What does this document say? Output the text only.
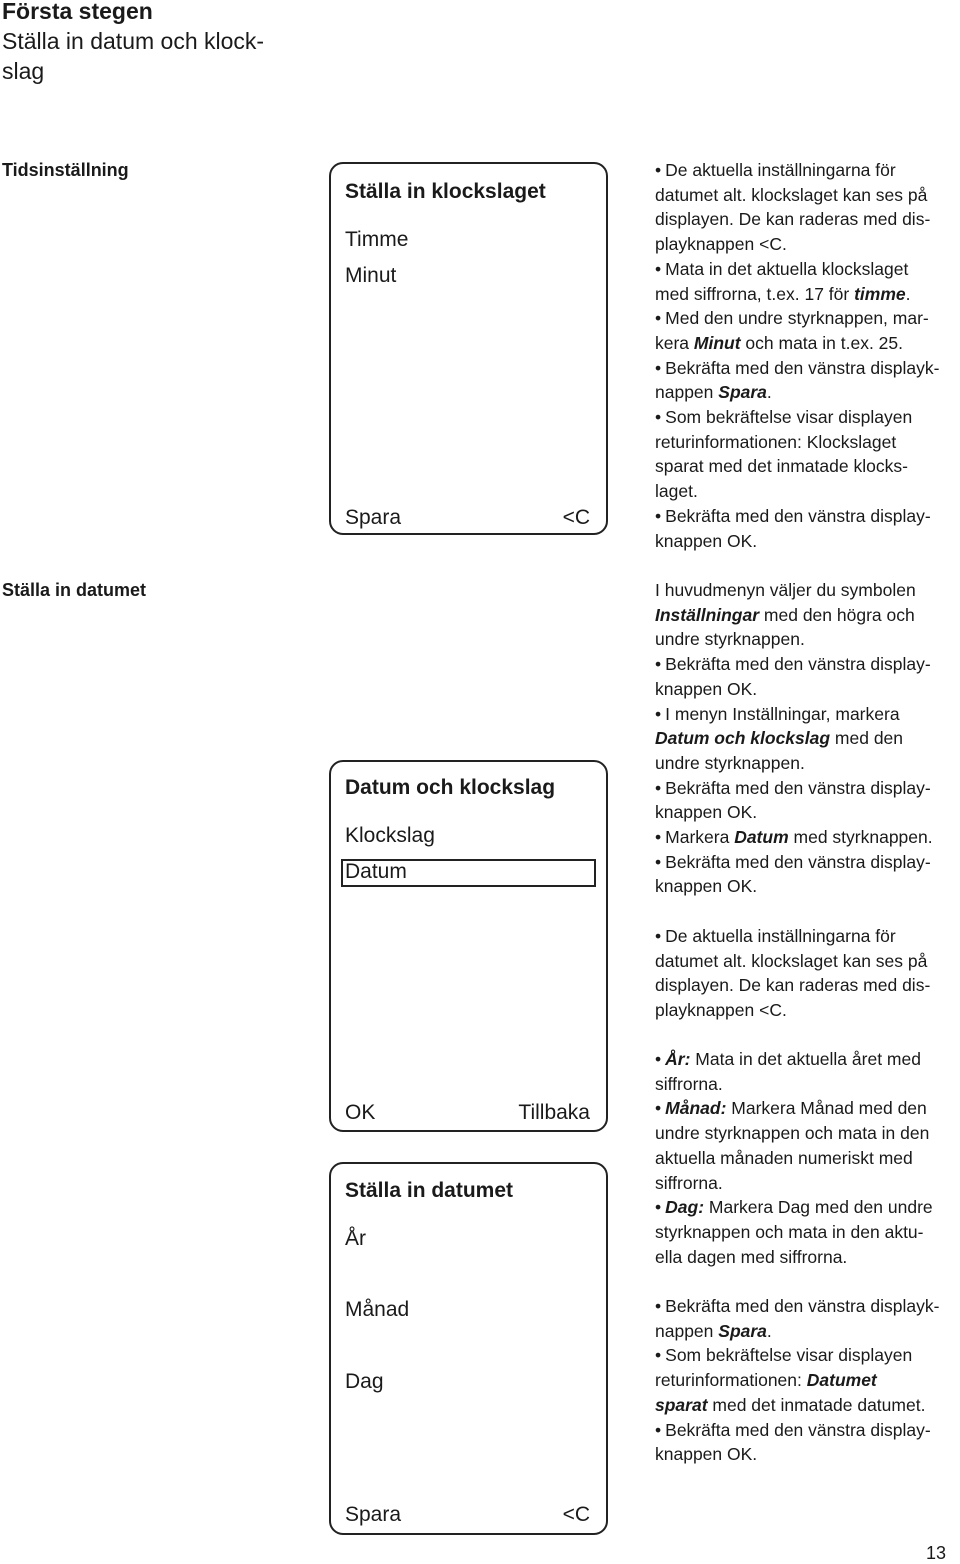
Första stegen
Ställa in datum och klock-
slag
Tidsinställning
Ställa in datumet
Ställa in klockslaget
Timme
Minut
Spara	<C
Datum och klockslag
Klockslag
Datum
OK	Tillbaka
Ställa in datumet
År
Månad
Dag
Spara	<C

• De aktuella inställningarna för
datumet alt. klockslaget kan ses på
displayen. De kan raderas med dis-
playknappen <C.

• Mata in det aktuella klockslaget
med siffrorna, t.ex. 17 för timme.

• Med den undre styrknappen, mar-
kera Minut och mata in t.ex. 25.

• Bekräfta med den vänstra displayk-
nappen Spara.

• Som bekräftelse visar displayen
returinformationen: Klockslaget
sparat med det inmatade klocks-
laget.

• Bekräfta med den vänstra display-
knappen OK.

I huvudmenyn väljer du symbolen
Inställningar med den högra och
undre styrknappen.

• Bekräfta med den vänstra display-
knappen OK.

• I menyn Inställningar, markera
Datum och klockslag med den
undre styrknappen.

• Bekräfta med den vänstra display-
knappen OK.

• Markera Datum med styrknappen.

• Bekräfta med den vänstra display-
knappen OK.

• De aktuella inställningarna för
datumet alt. klockslaget kan ses på
displayen. De kan raderas med dis-
playknappen <C.

• År: Mata in det aktuella året med
siffrorna.

• Månad: Markera Månad med den
undre styrknappen och mata in den
aktuella månaden numeriskt med
siffrorna.

• Dag: Markera Dag med den undre
styrknappen och mata in den aktu-
ella dagen med siffrorna.

• Bekräfta med den vänstra displayk-
nappen Spara.

• Som bekräftelse visar displayen
returinformationen: Datumet
sparat med det inmatade datumet.

• Bekräfta med den vänstra display-
knappen OK.

13
